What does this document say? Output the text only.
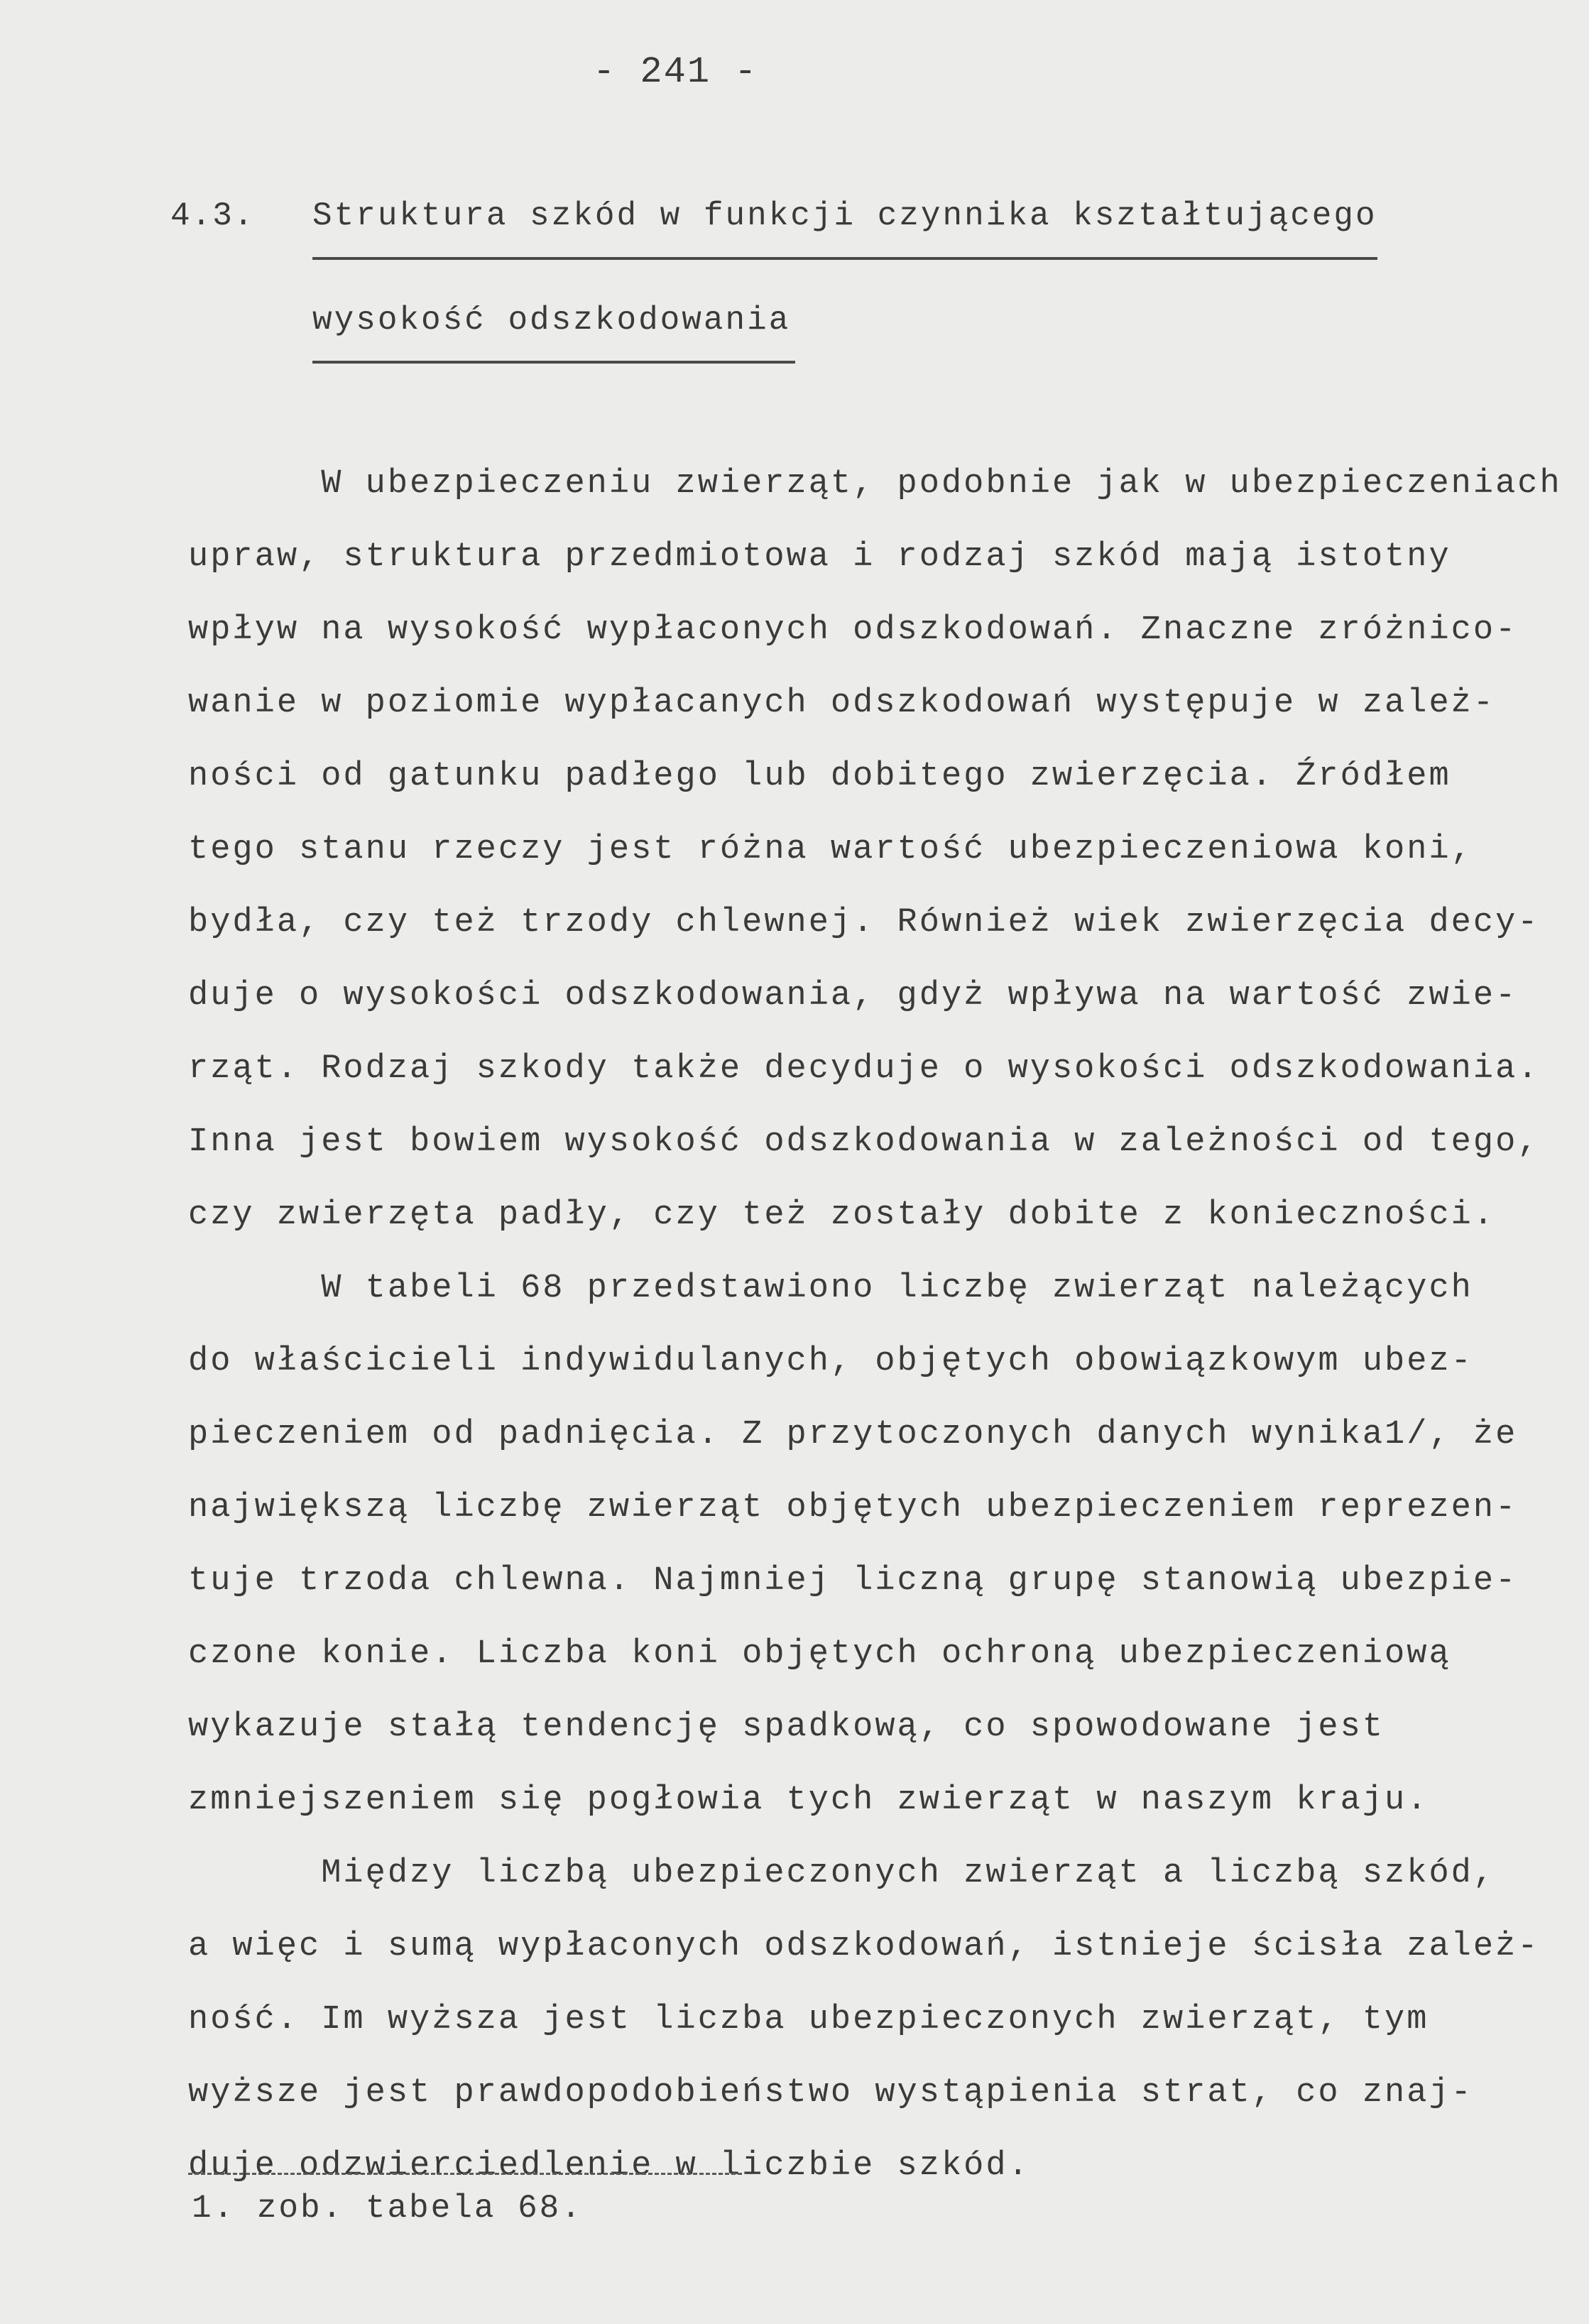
- 241 -
4.3. Struktura szkód w funkcji czynnika kształtującego
wysokość odszkodowania
W ubezpieczeniu zwierząt, podobnie jak w ubezpieczeniach
upraw, struktura przedmiotowa i rodzaj szkód mają istotny
wpływ na wysokość wypłaconych odszkodowań. Znaczne zróżnico-
wanie w poziomie wypłacanych odszkodowań występuje w zależ-
ności od gatunku padłego lub dobitego zwierzęcia. Źródłem
tego stanu rzeczy jest różna wartość ubezpieczeniowa koni,
bydła, czy też trzody chlewnej. Również wiek zwierzęcia decy-
duje o wysokości odszkodowania, gdyż wpływa na wartość zwie-
rząt. Rodzaj szkody także decyduje o wysokości odszkodowania.
Inna jest bowiem wysokość odszkodowania w zależności od tego,
czy zwierzęta padły, czy też zostały dobite z konieczności.
W tabeli 68 przedstawiono liczbę zwierząt należących
do właścicieli indywidulanych, objętych obowiązkowym ubez-
pieczeniem od padnięcia. Z przytoczonych danych wynika1/, że
największą liczbę zwierząt objętych ubezpieczeniem reprezen-
tuje trzoda chlewna. Najmniej liczną grupę stanowią ubezpie-
czone konie. Liczba koni objętych ochroną ubezpieczeniową
wykazuje stałą tendencję spadkową, co spowodowane jest
zmniejszeniem się pogłowia tych zwierząt w naszym kraju.
Między liczbą ubezpieczonych zwierząt a liczbą szkód,
a więc i sumą wypłaconych odszkodowań, istnieje ścisła zależ-
ność. Im wyższa jest liczba ubezpieczonych zwierząt, tym
wyższe jest prawdopodobieństwo wystąpienia strat, co znaj-
duje odzwierciedlenie w liczbie szkód.
1. zob. tabela 68.
